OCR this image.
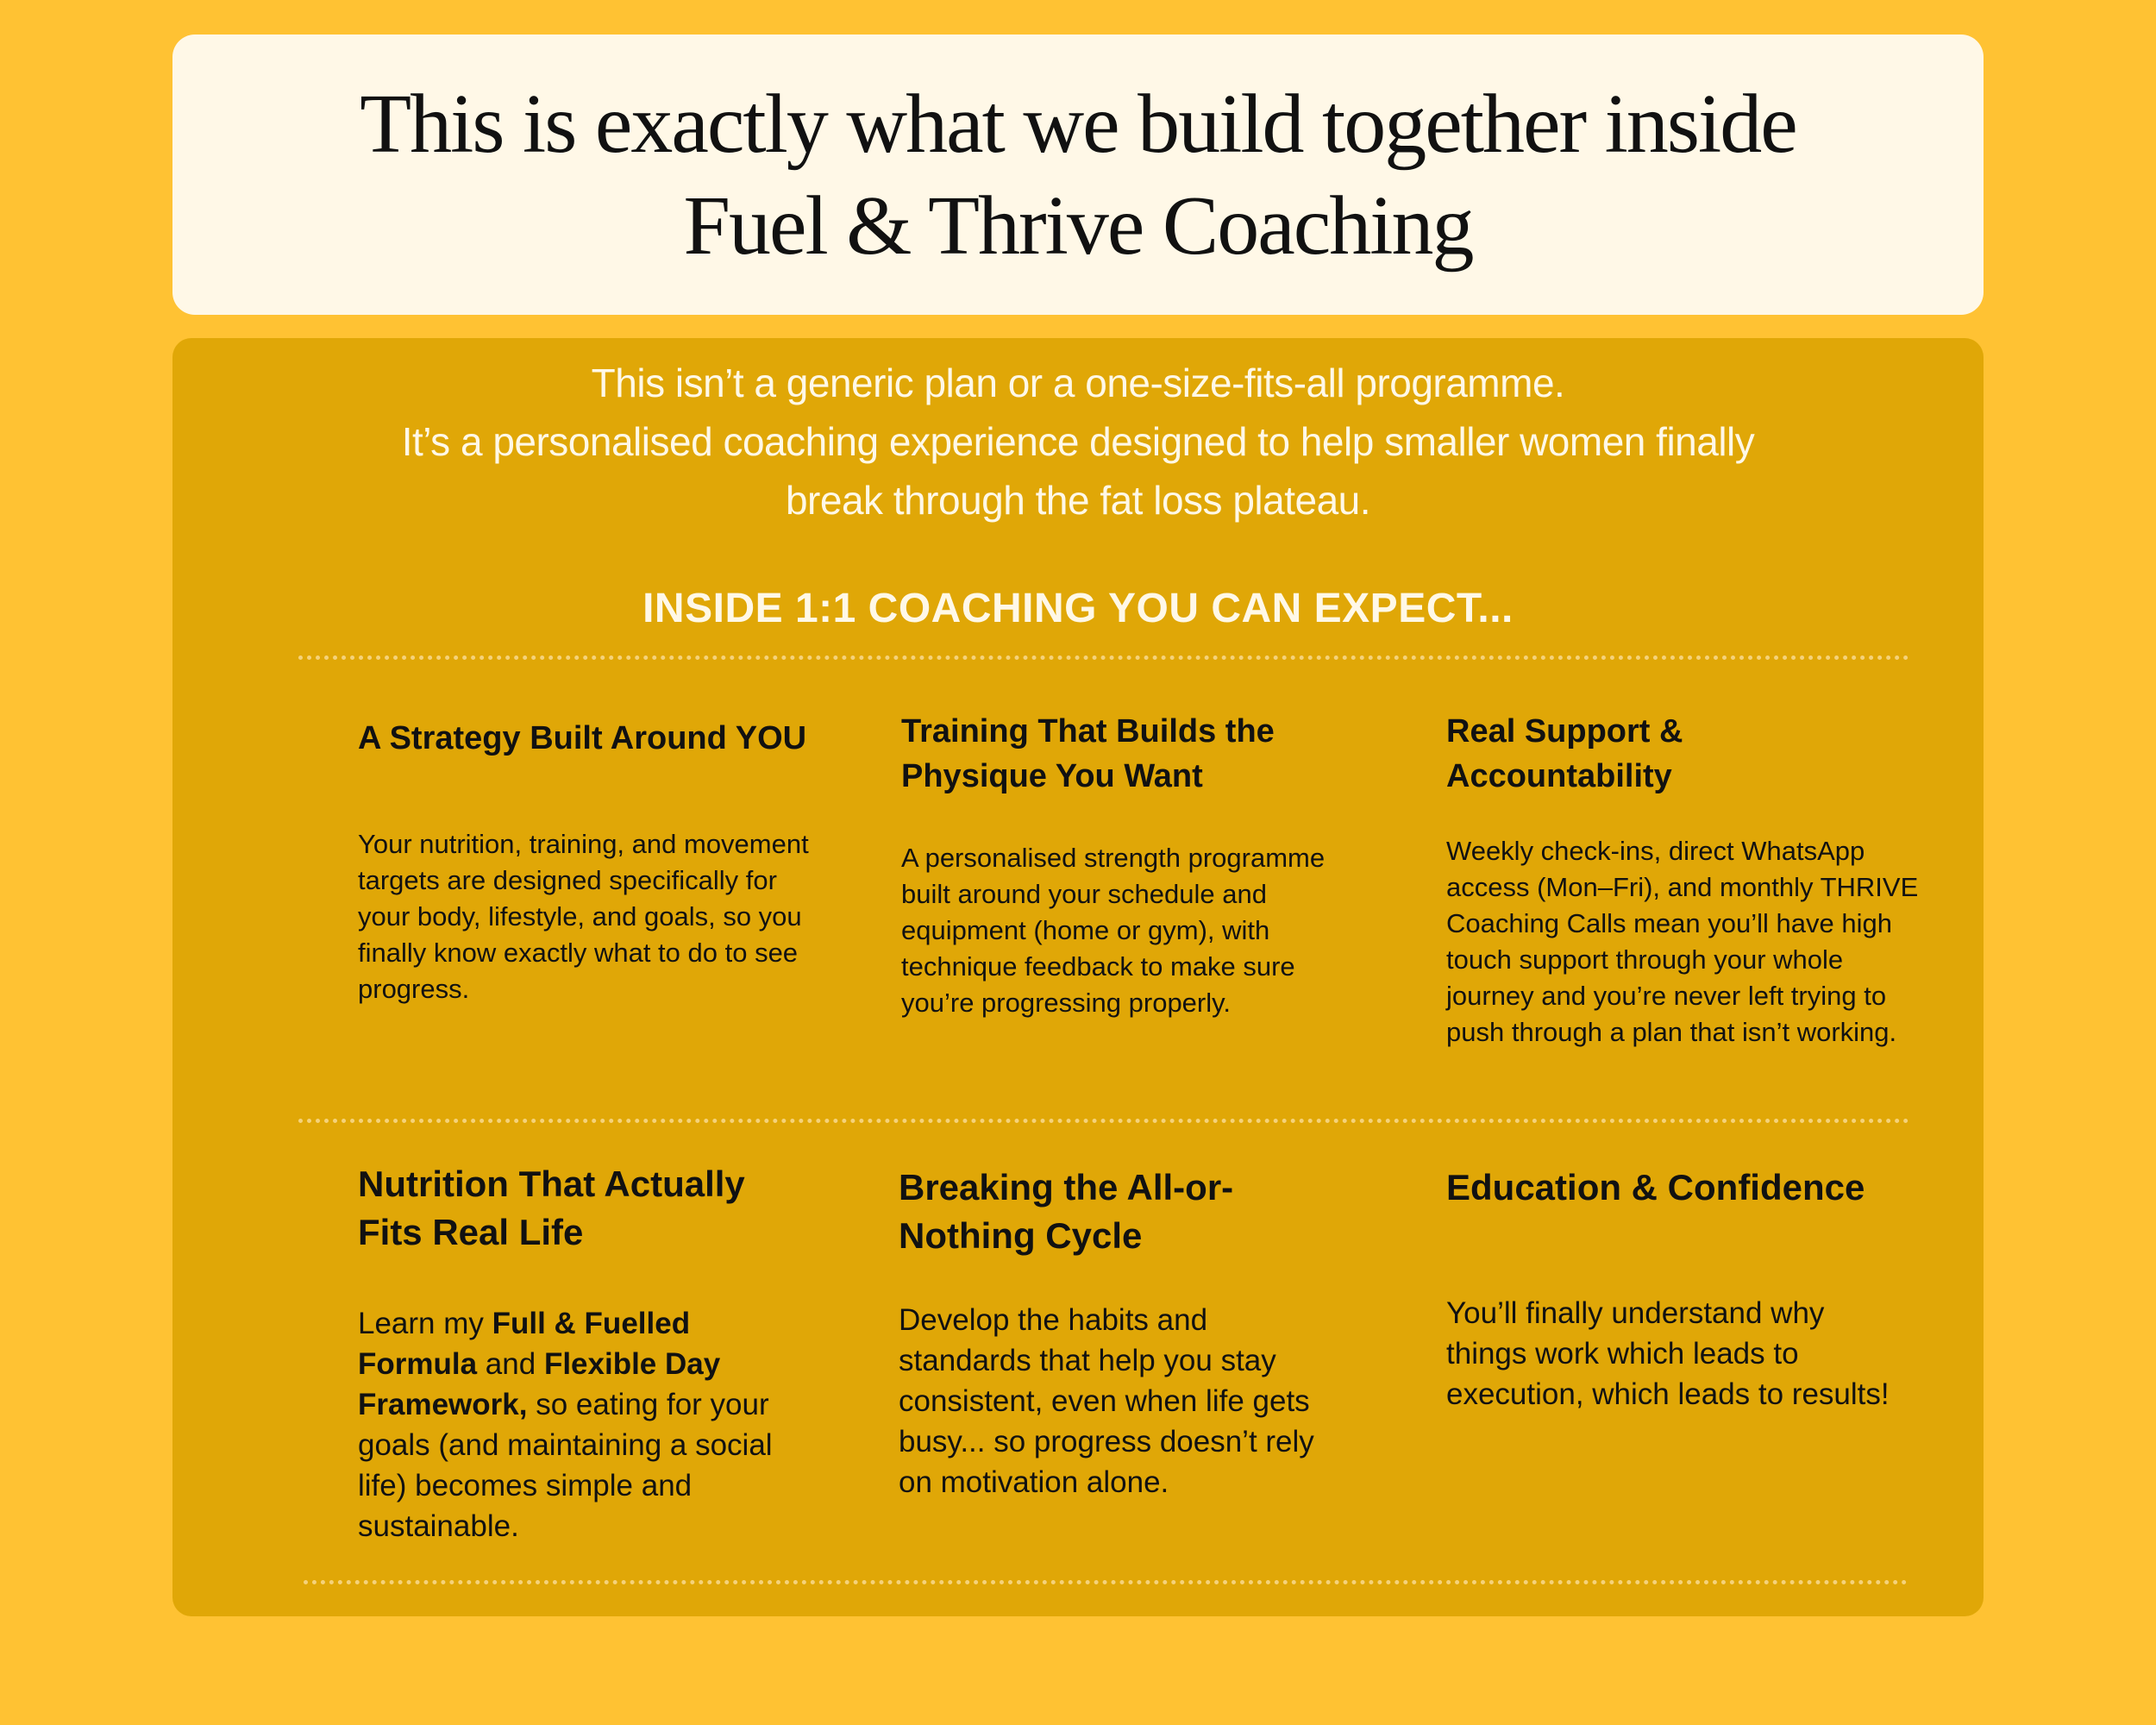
This is exactly what we build together inside
Fuel & Thrive Coaching
This isn’t a generic plan or a one-size-fits-all programme.
It’s a personalised coaching experience designed to help smaller women finally
break through the fat loss plateau.
INSIDE 1:1 COACHING YOU CAN EXPECT...

A Strategy Built Around YOU

Your nutrition, training, and movement targets are designed specifically for your body, lifestyle, and goals, so you finally know exactly what to do to see progress.

Training That Builds the Physique You Want

A personalised strength programme built around your schedule and equipment (home or gym), with technique feedback to make sure you’re progressing properly.

Real Support & Accountability

Weekly check-ins, direct WhatsApp access (Mon–Fri), and monthly THRIVE Coaching Calls mean you’ll have high touch support through your whole journey and you’re never left trying to push through a plan that isn’t working.

Nutrition That Actually Fits Real Life

Learn my Full & Fuelled Formula and Flexible Day Framework, so eating for your goals (and maintaining a social life) becomes simple and sustainable.

Breaking the All-or-Nothing Cycle

Develop the habits and standards that help you stay consistent, even when life gets busy... so progress doesn’t rely on motivation alone.

Education & Confidence

You’ll finally understand why things work which leads to execution, which leads to results!
